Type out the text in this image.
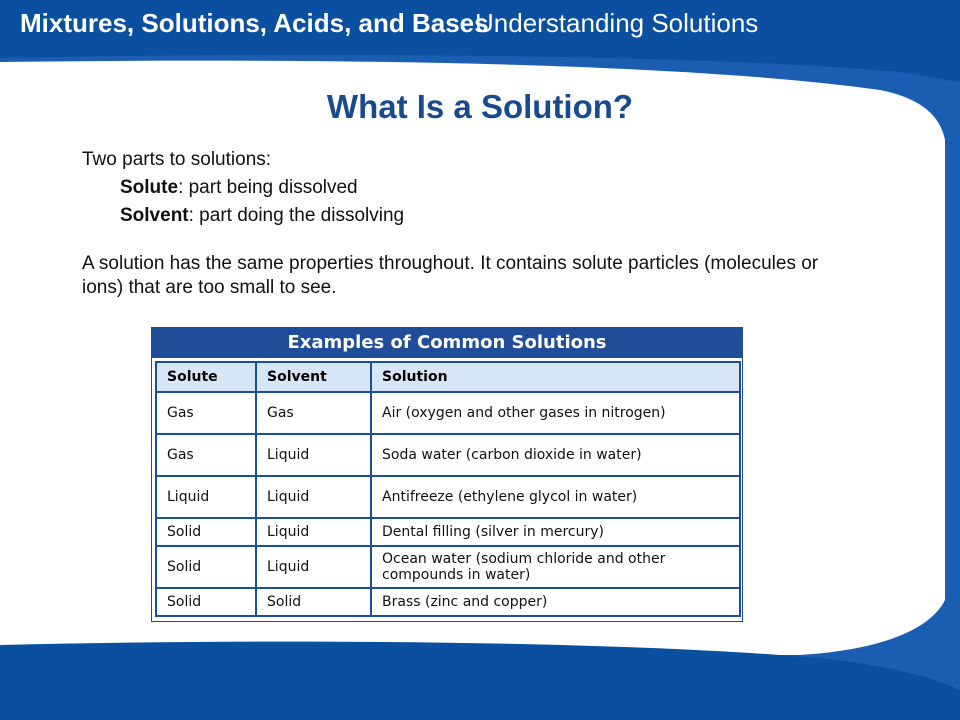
Mixtures, Solutions, Acids, and Bases
Understanding Solutions
What Is a Solution?

Two parts to solutions:

Solute: part being dissolved

Solvent: part doing the dissolving

A solution has the same properties throughout. It contains solute particles (molecules or ions) that are too small to see.

Examples of Common Solutions
Solute	Solvent	Solution
Gas	Gas	Air (oxygen and other gases in nitrogen)
Gas	Liquid	Soda water (carbon dioxide in water)
Liquid	Liquid	Antifreeze (ethylene glycol in water)
Solid	Liquid	Dental filling (silver in mercury)
Solid	Liquid	Ocean water (sodium chloride and other compounds in water)
Solid	Solid	Brass (zinc and copper)
